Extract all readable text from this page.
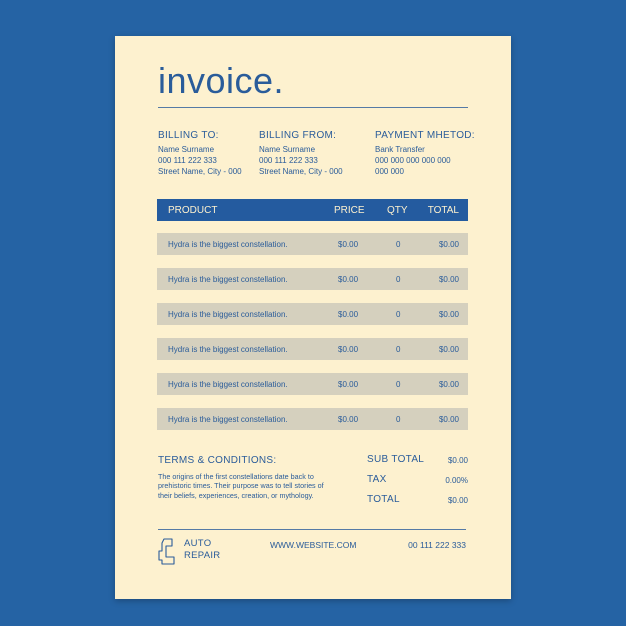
invoice.
BILLING TO:
Name Surname
000 111 222 333
Street Name, City - 000
BILLING FROM:
Name Surname
000 111 222 333
Street Name, City - 000
PAYMENT MHETOD:
Bank Transfer
000 000 000 000 000
000 000
PRODUCT	PRICE QTY TOTAL
Hydra is the biggest constellation.	$0.00	0	$0.00
Hydra is the biggest constellation.	$0.00	0	$0.00
Hydra is the biggest constellation.	$0.00	0	$0.00
Hydra is the biggest constellation.	$0.00	0	$0.00
Hydra is the biggest constellation.	$0.00	0	$0.00
Hydra is the biggest constellation.	$0.00	0	$0.00
TERMS & CONDITIONS:
The origins of the first constellations date back to prehistoric times. Their purpose was to tell stories of their beliefs, experiences, creation, or mythology.
SUB TOTAL	$0.00
TAX	0.00%
TOTAL	$0.00
AUTO
REPAIR
WWW.WEBSITE.COM	00 111 222 333
